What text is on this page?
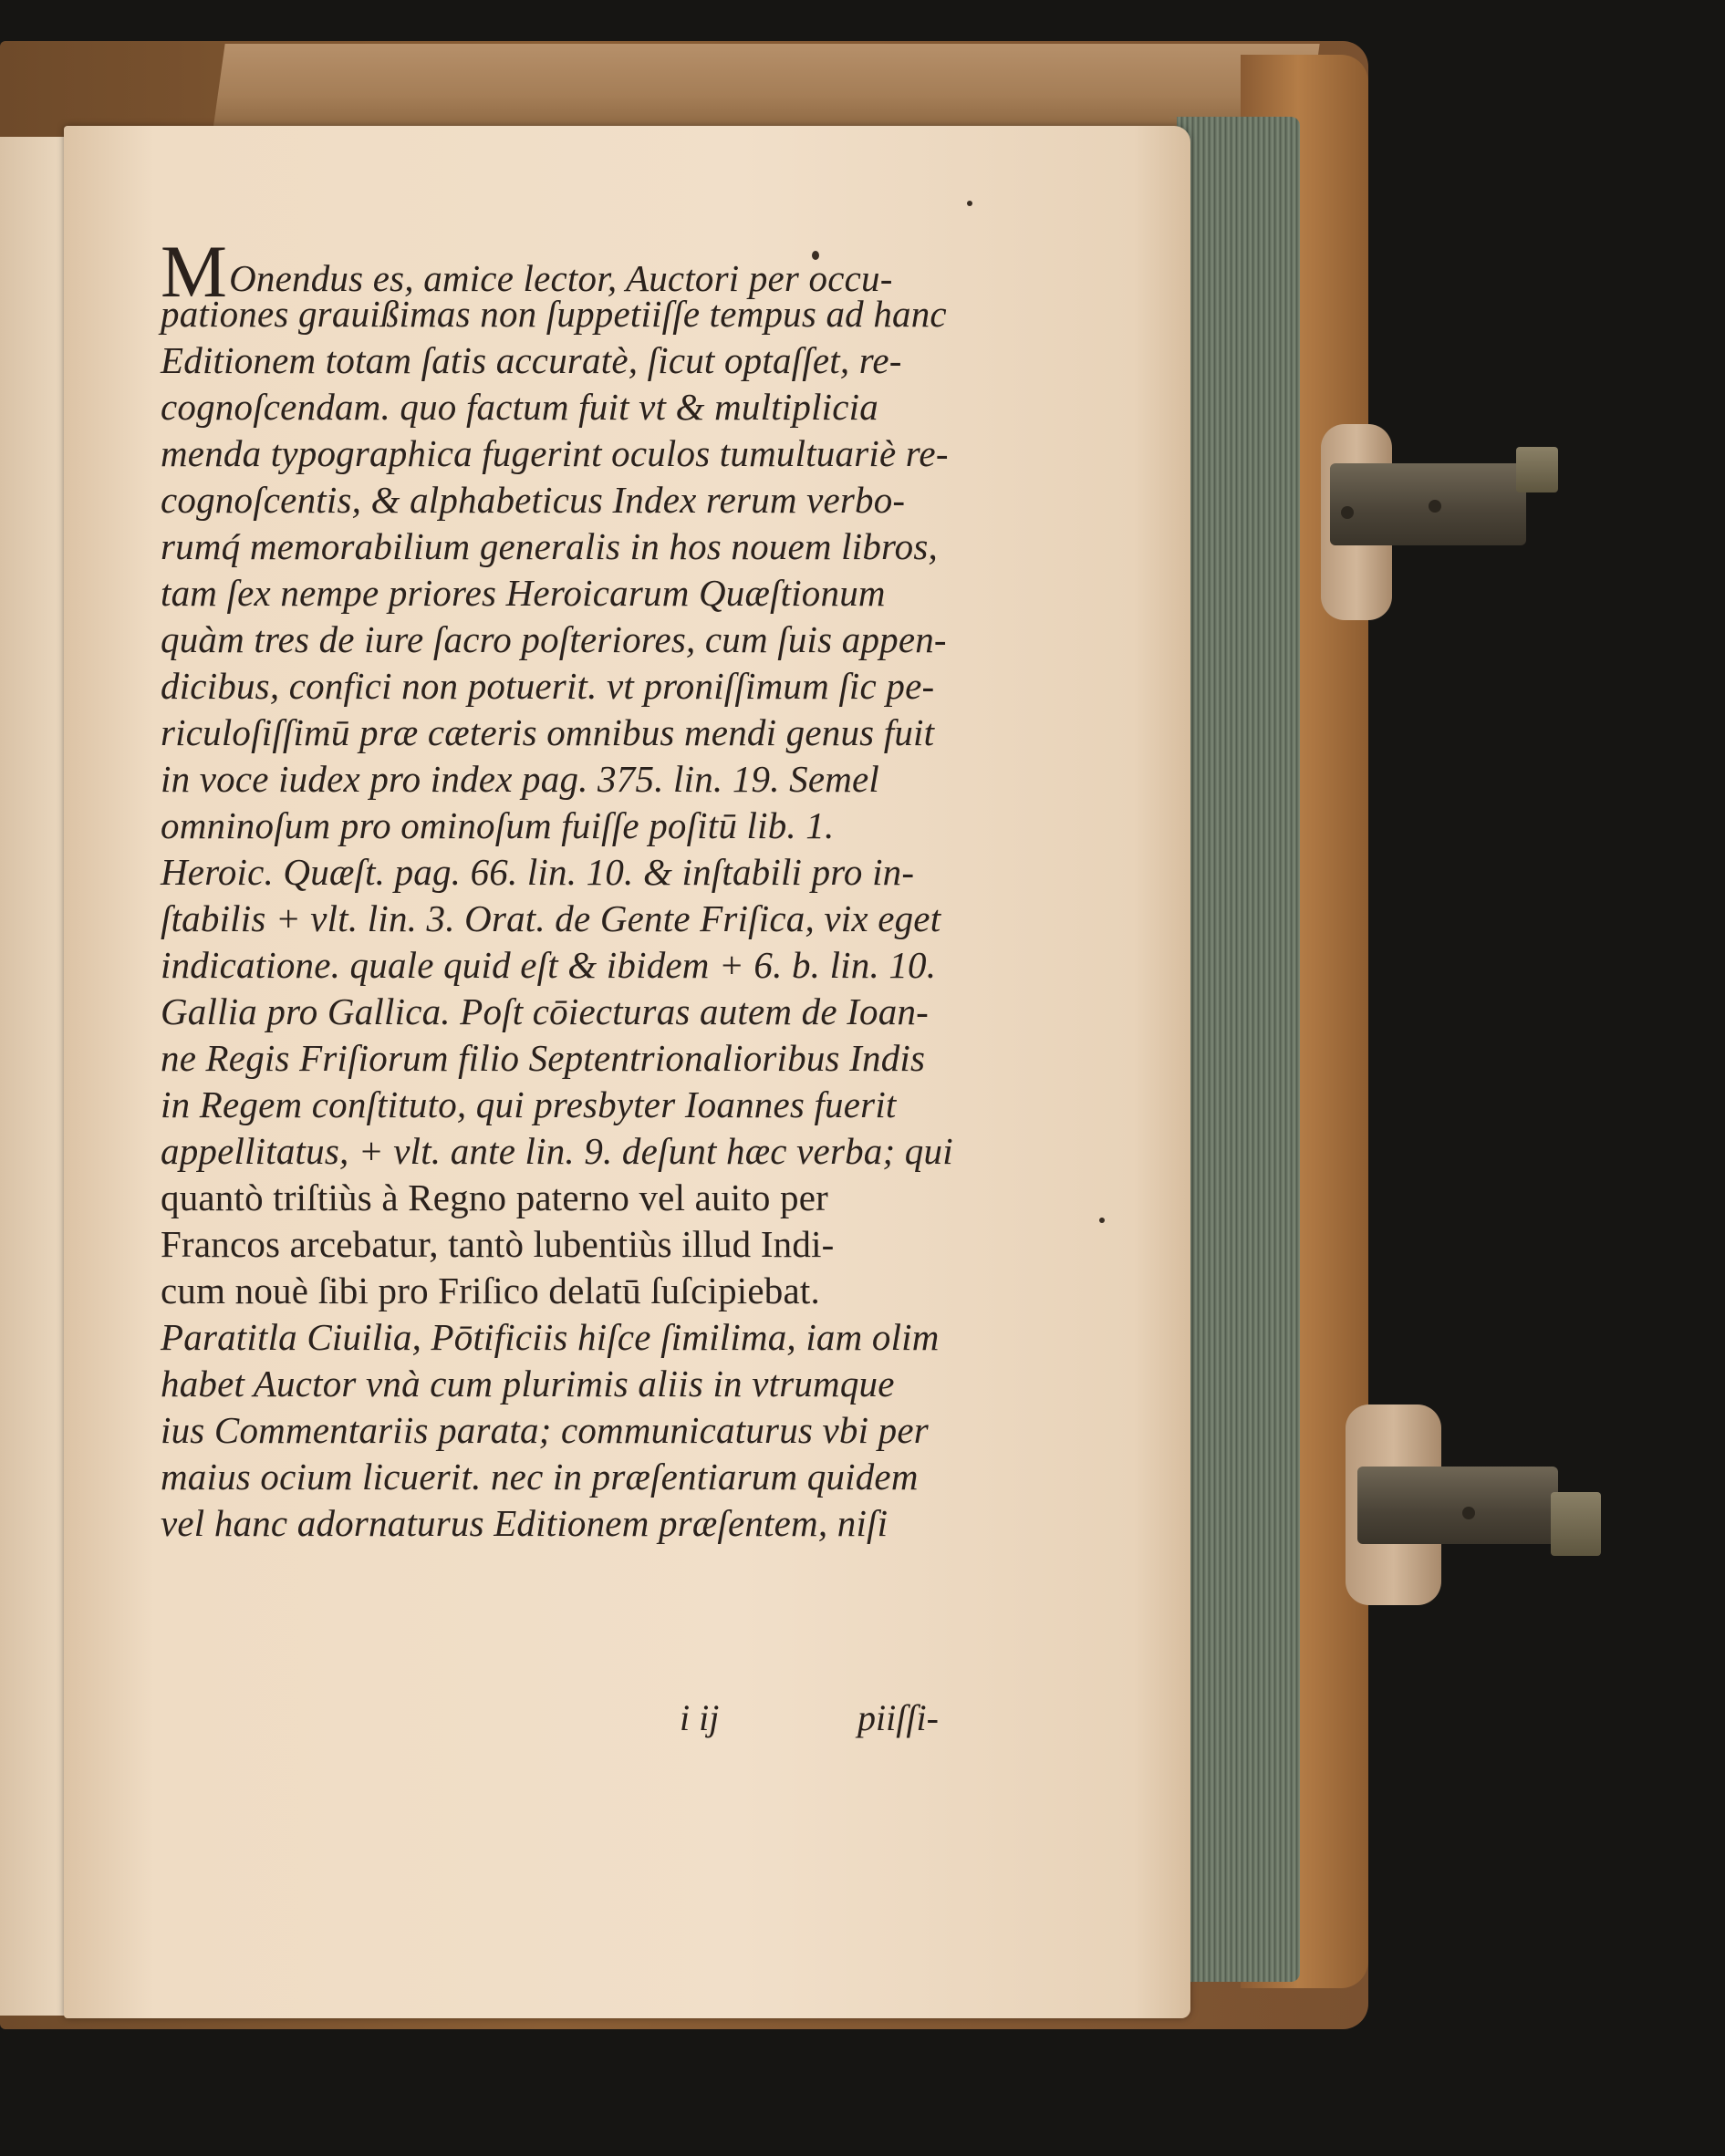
MOnendus es, amice lector, Auctori per occu-
pationes grauißimas non ſuppetiiſſe tempus ad hanc
Editionem totam ſatis accuratè, ſicut optaſſet, re-
cognoſcendam. quo factum fuit vt & multiplicia
menda typographica fugerint oculos tumultuariè re-
cognoſcentis, & alphabeticus Index rerum verbo-
rumq́ memorabilium generalis in hos nouem libros,
tam ſex nempe priores Heroicarum Quæſtionum
quàm tres de iure ſacro poſteriores, cum ſuis appen-
dicibus, confici non potuerit. vt proniſſimum ſic pe-
riculoſiſſimū præ cæteris omnibus mendi genus fuit
in voce iudex pro index pag. 375. lin. 19. Semel
omninoſum pro ominoſum fuiſſe poſitū lib. 1.
Heroic. Quæſt. pag. 66. lin. 10. & inſtabili pro in-
ſtabilis + vlt. lin. 3. Orat. de Gente Friſica, vix eget
indicatione. quale quid eſt & ibidem + 6. b. lin. 10.
Gallia pro Gallica. Poſt cōiecturas autem de Ioan-
ne Regis Friſiorum filio Septentrionalioribus Indis
in Regem conſtituto, qui presbyter Ioannes fuerit
appellitatus, + vlt. ante lin. 9. deſunt hæc verba; qui
quantò triſtiùs à Regno paterno vel auito per
Francos arcebatur, tantò lubentiùs illud Indi-
cum nouè ſibi pro Friſico delatū ſuſcipiebat.
Paratitla Ciuilia, Pōtificiis hiſce ſimilima, iam olim
habet Auctor vnà cum plurimis aliis in vtrumque
ius Commentariis parata; communicaturus vbi per
maius ocium licuerit. nec in præſentiarum quidem
vel hanc adornaturus Editionem præſentem, niſi
i ij	piiſſi-
